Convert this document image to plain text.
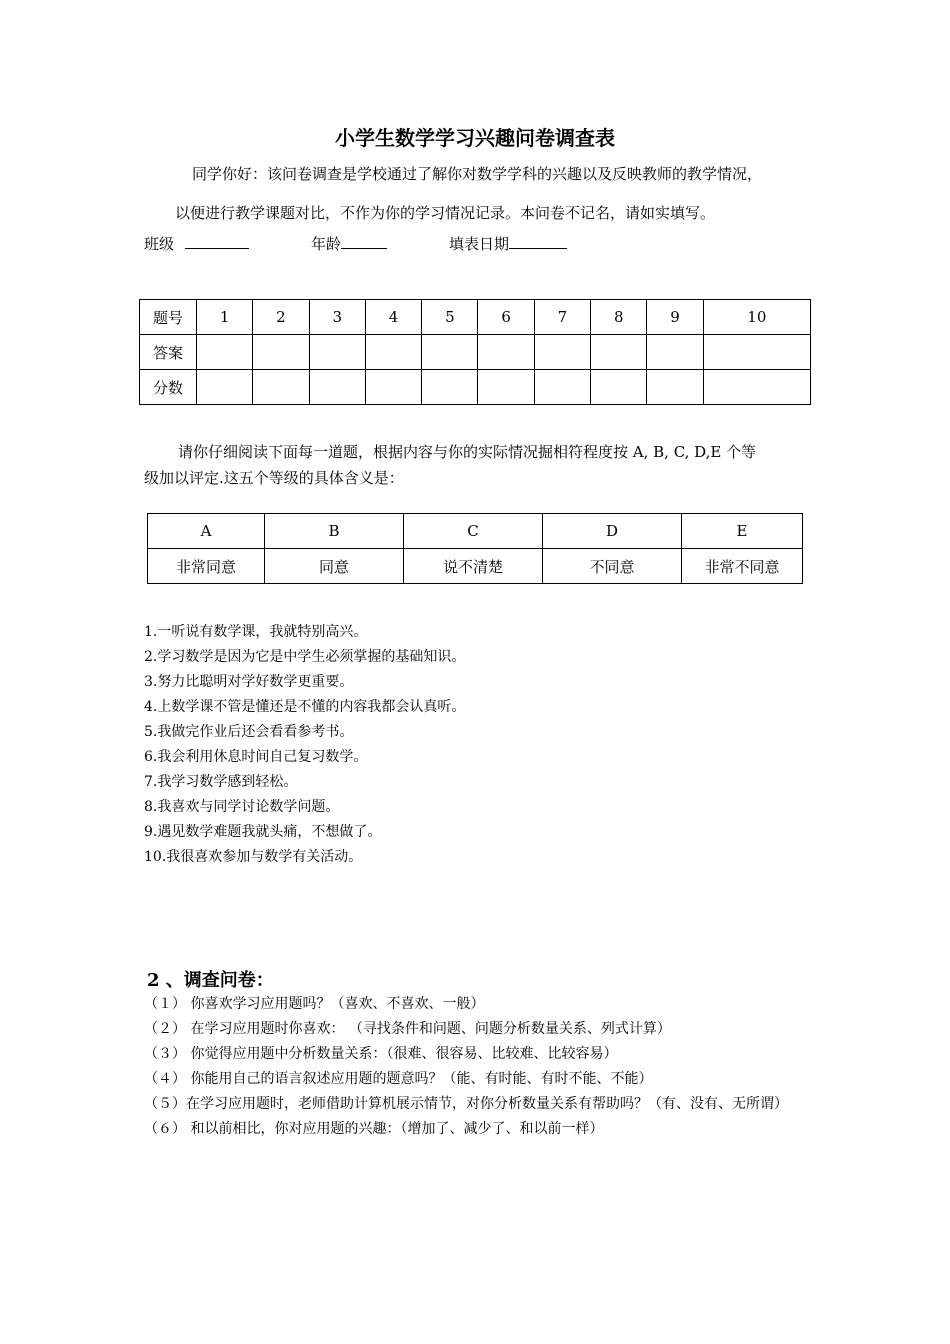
小学生数学学习兴趣问卷调查表
同学你好：该问卷调查是学校通过了解你对数学学科的兴趣以及反映教师的教学情况，
以便进行教学课题对比，不作为你的学习情况记录。本问卷不记名，请如实填写。
班级	年龄	填表日期
题号	1	2	3	4	5	6	7	8	9	10
答案										
分数										
请你仔细阅读下面每一道题，根据内容与你的实际情况掘相符程度按 A, B, C, D,E 个等
级加以评定.这五个等级的具体含义是：
A	B	C	D	E
非常同意	同意	说不清楚	不同意	非常不同意
1.一听说有数学课，我就特别高兴。
2.学习数学是因为它是中学生必须掌握的基础知识。
3.努力比聪明对学好数学更重要。
4.上数学课不管是懂还是不懂的内容我都会认真听。
5.我做完作业后还会看看参考书。
6.我会利用休息时间自己复习数学。
7.我学习数学感到轻松。
8.我喜欢与同学讨论数学问题。
9.遇见数学难题我就头痛，不想做了。
10.我很喜欢参加与数学有关活动。
2 、调查问卷：
（１） 你喜欢学习应用题吗？（喜欢、不喜欢、一般）
（２） 在学习应用题时你喜欢： （寻找条件和问题、问题分析数量关系、列式计算）
（３） 你觉得应用题中分析数量关系：（很难、很容易、比较难、比较容易）
（４） 你能用自己的语言叙述应用题的题意吗？（能、有时能、有时不能、不能）
（５）在学习应用题时，老师借助计算机展示情节，对你分析数量关系有帮助吗？（有、没有、无所谓）
（６） 和以前相比，你对应用题的兴趣：（增加了、减少了、和以前一样）
